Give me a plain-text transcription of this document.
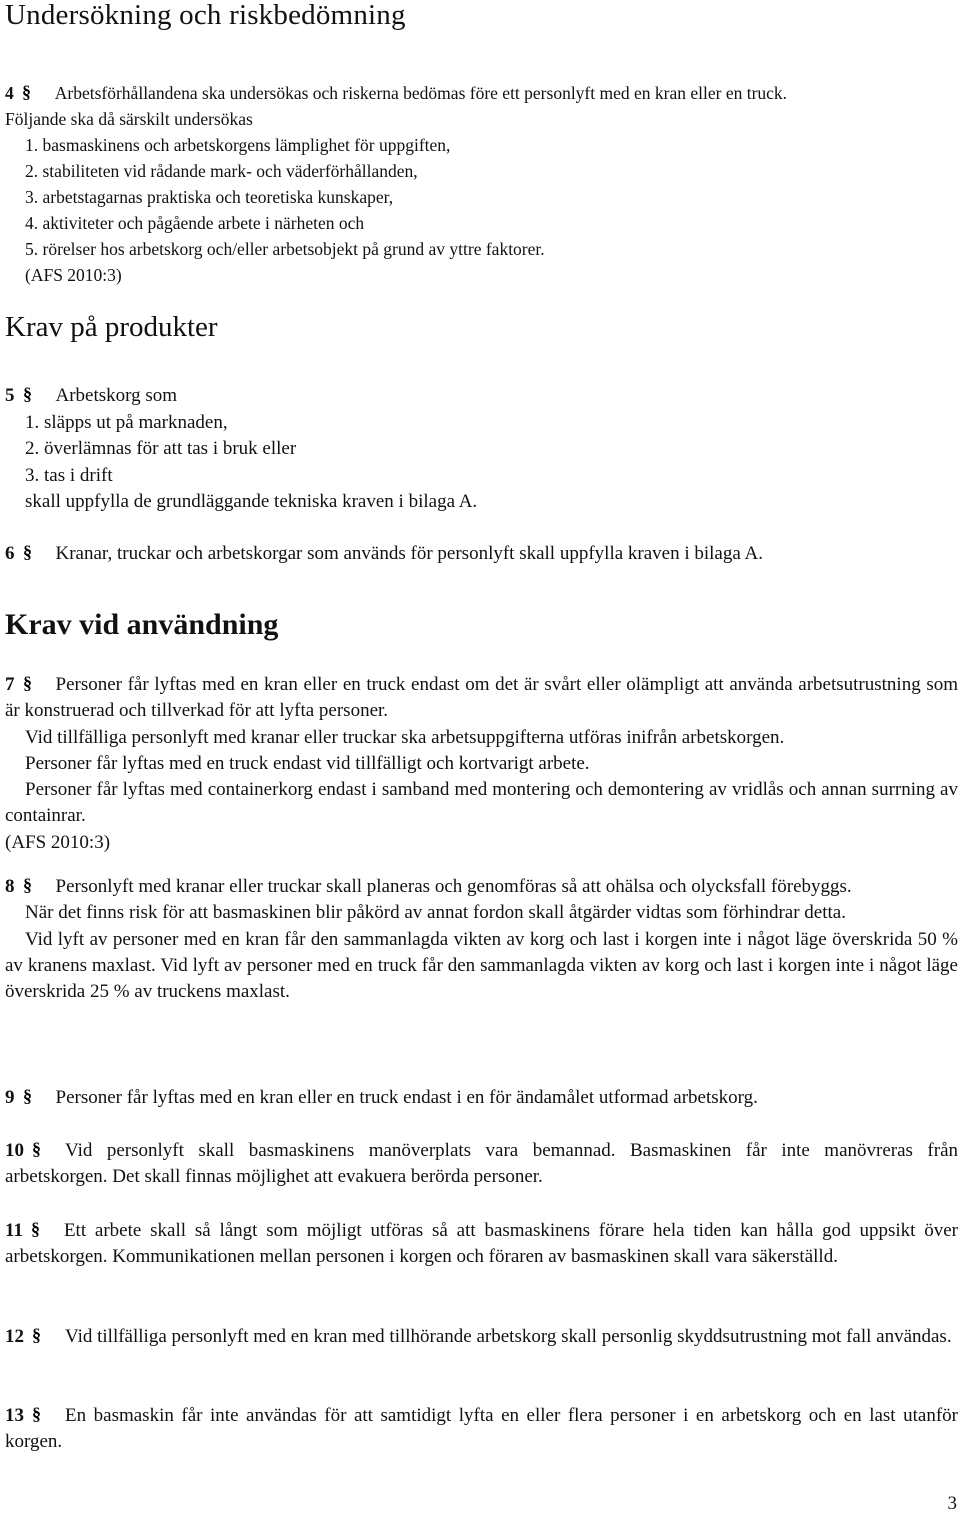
Undersökning och riskbedömning
4 § Arbetsförhållandena ska undersökas och riskerna bedömas före ett personlyft med en kran eller en truck.
Följande ska då särskilt undersökas
1. basmaskinens och arbetskorgens lämplighet för uppgiften,
2. stabiliteten vid rådande mark- och väderförhållanden,
3. arbetstagarnas praktiska och teoretiska kunskaper,
4. aktiviteter och pågående arbete i närheten och
5. rörelser hos arbetskorg och/eller arbetsobjekt på grund av yttre faktorer.
(AFS 2010:3)
Krav på produkter
5 § Arbetskorg som
1. släpps ut på marknaden,
2. överlämnas för att tas i bruk eller
3. tas i drift
skall uppfylla de grundläggande tekniska kraven i bilaga A.
6 § Kranar, truckar och arbetskorgar som används för personlyft skall uppfylla kraven i bilaga A.
Krav vid användning
7 § Personer får lyftas med en kran eller en truck endast om det är svårt eller olämpligt att använda arbetsutrustning som är konstruerad och tillverkad för att lyfta personer.
Vid tillfälliga personlyft med kranar eller truckar ska arbetsuppgifterna utföras inifrån arbetskorgen.
Personer får lyftas med en truck endast vid tillfälligt och kortvarigt arbete.
Personer får lyftas med containerkorg endast i samband med montering och demontering av vridlås och annan surrning av containrar.
(AFS 2010:3)
8 § Personlyft med kranar eller truckar skall planeras och genomföras så att ohälsa och olycksfall förebyggs.
När det finns risk för att basmaskinen blir påkörd av annat fordon skall åtgärder vidtas som förhindrar detta.
Vid lyft av personer med en kran får den sammanlagda vikten av korg och last i korgen inte i något läge överskrida 50 % av kranens maxlast. Vid lyft av personer med en truck får den sammanlagda vikten av korg och last i korgen inte i något läge överskrida 25 % av truckens maxlast.
9 § Personer får lyftas med en kran eller en truck endast i en för ändamålet utformad arbetskorg.
10 § Vid personlyft skall basmaskinens manöverplats vara bemannad. Basmaskinen får inte manövreras från arbetskorgen. Det skall finnas möjlighet att evakuera berörda personer.
11 § Ett arbete skall så långt som möjligt utföras så att basmaskinens förare hela tiden kan hålla god uppsikt över arbetskorgen. Kommunikationen mellan personen i korgen och föraren av basmaskinen skall vara säkerställd.
12 § Vid tillfälliga personlyft med en kran med tillhörande arbetskorg skall personlig skyddsutrustning mot fall användas.
13 § En basmaskin får inte användas för att samtidigt lyfta en eller flera personer i en arbetskorg och en last utanför korgen.
3
